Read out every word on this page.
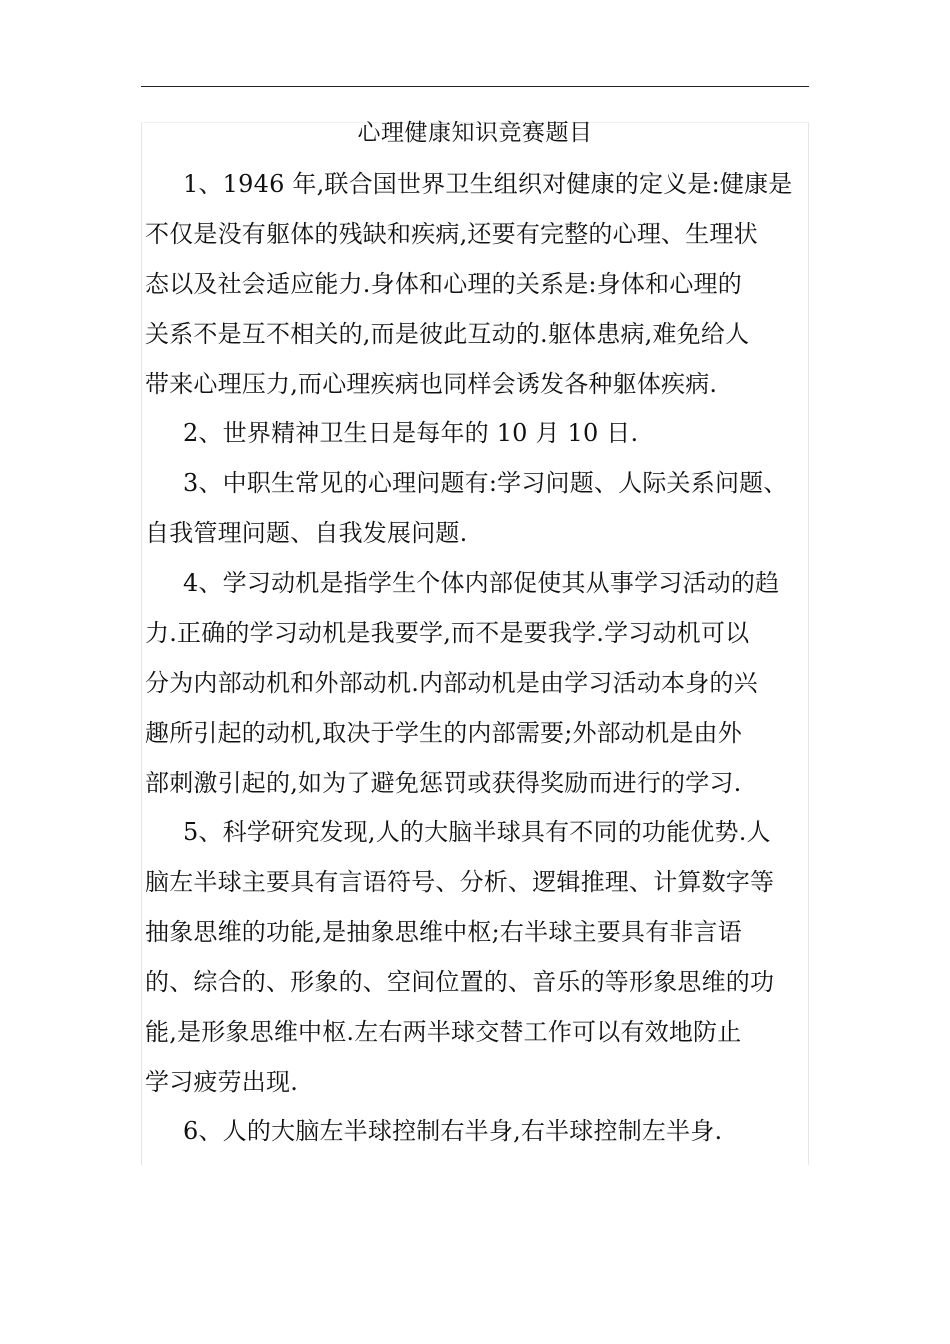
心理健康知识竞赛题目
1、1946 年,联合国世界卫生组织对健康的定义是:健康是
不仅是没有躯体的残缺和疾病,还要有完整的心理、生理状
态以及社会适应能力.身体和心理的关系是:身体和心理的
关系不是互不相关的,而是彼此互动的.躯体患病,难免给人
带来心理压力,而心理疾病也同样会诱发各种躯体疾病.
2、世界精神卫生日是每年的 10 月 10 日.
3、中职生常见的心理问题有:学习问题、人际关系问题、
自我管理问题、自我发展问题.
4、学习动机是指学生个体内部促使其从事学习活动的趋
力.正确的学习动机是我要学,而不是要我学.学习动机可以
分为内部动机和外部动机.内部动机是由学习活动本身的兴
趣所引起的动机,取决于学生的内部需要;外部动机是由外
部刺激引起的,如为了避免惩罚或获得奖励而进行的学习.
5、科学研究发现,人的大脑半球具有不同的功能优势.人
脑左半球主要具有言语符号、分析、逻辑推理、计算数字等
抽象思维的功能,是抽象思维中枢;右半球主要具有非言语
的、综合的、形象的、空间位置的、音乐的等形象思维的功
能,是形象思维中枢.左右两半球交替工作可以有效地防止
学习疲劳出现.
6、人的大脑左半球控制右半身,右半球控制左半身.
